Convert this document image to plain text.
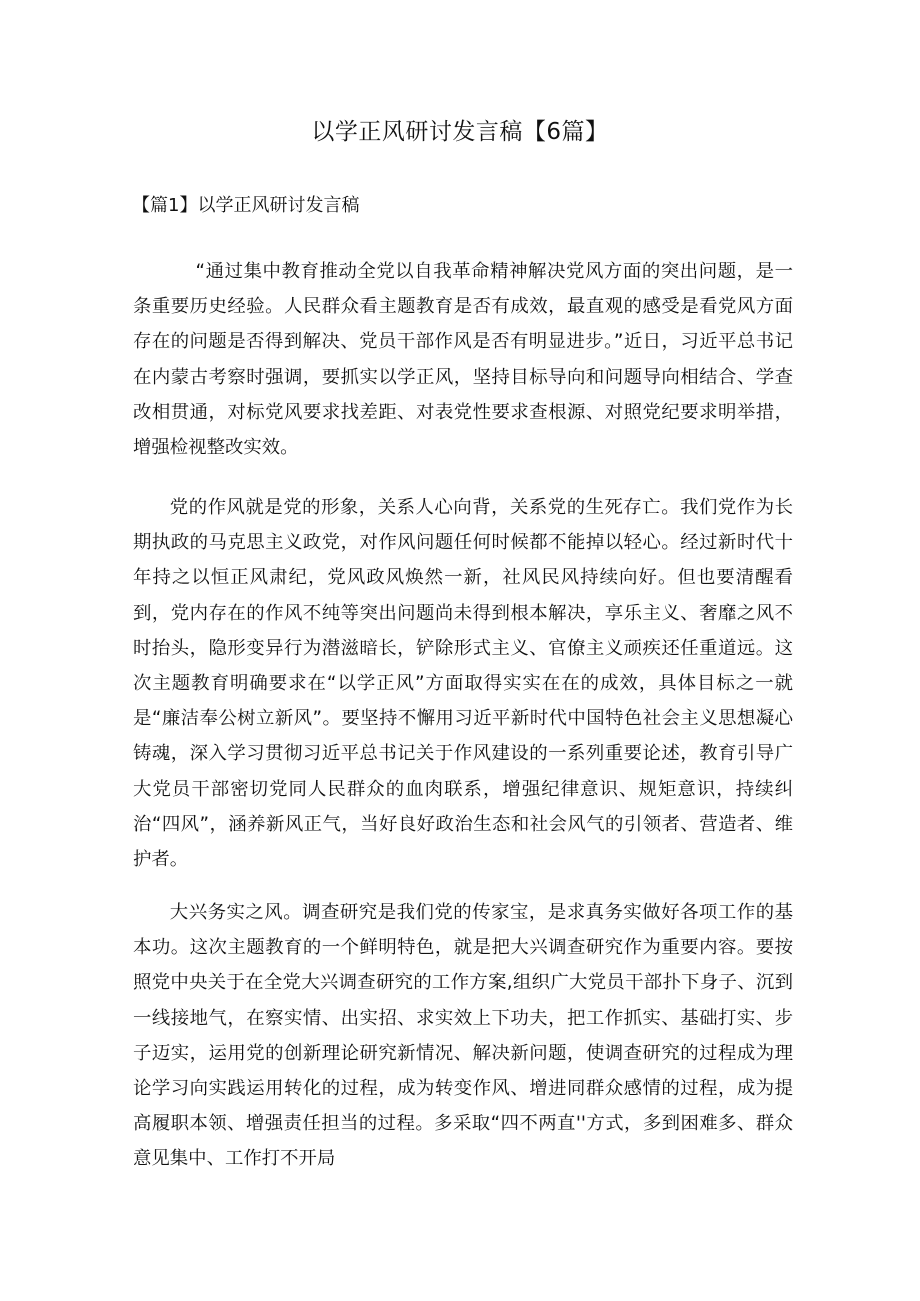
以学正风研讨发言稿【6篇】
【篇1】以学正风研讨发言稿

“通过集中教育推动全党以自我革命精神解决党风方面的突出问题，是一条重要历史经验。人民群众看主题教育是否有成效，最直观的感受是看党风方面存在的问题是否得到解决、党员干部作风是否有明显进步。”近日，习近平总书记在内蒙古考察时强调，要抓实以学正风，坚持目标导向和问题导向相结合、学查改相贯通，对标党风要求找差距、对表党性要求查根源、对照党纪要求明举措，增强检视整改实效。

党的作风就是党的形象，关系人心向背，关系党的生死存亡。我们党作为长期执政的马克思主义政党，对作风问题任何时候都不能掉以轻心。经过新时代十年持之以恒正风肃纪，党风政风焕然一新，社风民风持续向好。但也要清醒看到，党内存在的作风不纯等突出问题尚未得到根本解决，享乐主义、奢靡之风不时抬头，隐形变异行为潜滋暗长，铲除形式主义、官僚主义顽疾还任重道远。这次主题教育明确要求在“以学正风”方面取得实实在在的成效，具体目标之一就是“廉洁奉公树立新风”。要坚持不懈用习近平新时代中国特色社会主义思想凝心铸魂，深入学习贯彻习近平总书记关于作风建设的一系列重要论述，教育引导广大党员干部密切党同人民群众的血肉联系，增强纪律意识、规矩意识，持续纠治“四风”，涵养新风正气，当好良好政治生态和社会风气的引领者、营造者、维护者。

大兴务实之风。调查研究是我们党的传家宝，是求真务实做好各项工作的基本功。这次主题教育的一个鲜明特色，就是把大兴调查研究作为重要内容。要按照党中央关于在全党大兴调查研究的工作方案,组织广大党员干部扑下身子、沉到一线接地气，在察实情、出实招、求实效上下功夫，把工作抓实、基础打实、步子迈实，运用党的创新理论研究新情况、解决新问题，使调查研究的过程成为理论学习向实践运用转化的过程，成为转变作风、增进同群众感情的过程，成为提高履职本领、增强责任担当的过程。多采取“四不两直''方式，多到困难多、群众意见集中、工作打不开局
